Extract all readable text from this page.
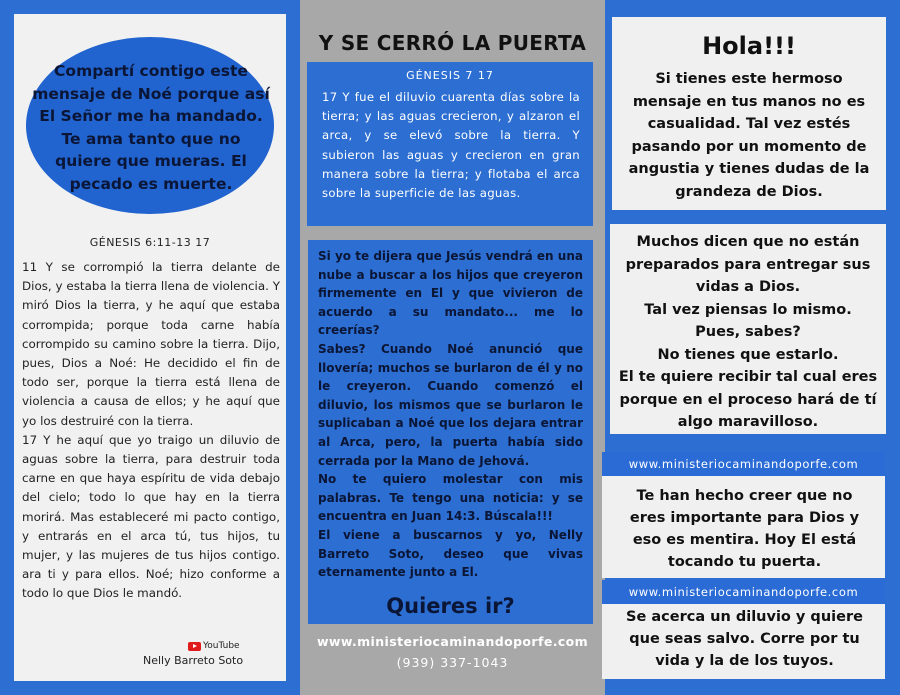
Compartí contigo este
mensaje de Noé porque así
El Señor me ha mandado.
Te ama tanto que no
quiere que mueras. El
pecado es muerte.
GÉNESIS 6:11-13 17

11 Y se corrompió la tierra delante de Dios, y estaba la tierra llena de violencia. Y miró Dios la tierra, y he aquí que estaba corrompida; porque toda carne había corrompido su camino sobre la tierra. Dijo, pues, Dios a Noé: He decidido el fin de todo ser, porque la tierra está llena de violencia a causa de ellos; y he aquí que yo los destruiré con la tierra.

17 Y he aquí que yo traigo un diluvio de aguas sobre la tierra, para destruir toda carne en que haya espíritu de vida debajo del cielo; todo lo que hay en la tierra morirá. Mas estableceré mi pacto contigo, y entrarás en el arca tú, tus hijos, tu mujer, y las mujeres de tus hijos contigo. ara ti y para ellos. Noé; hizo conforme a todo lo que Dios le mandó.

YouTube
Nelly Barreto Soto
Y SE CERRÓ LA PUERTA
GÉNESIS 7 17
17 Y fue el diluvio cuarenta días sobre la tierra; y las aguas crecieron, y alzaron el arca, y se elevó sobre la tierra. Y subieron las aguas y crecieron en gran manera sobre la tierra; y flotaba el arca sobre la superficie de las aguas.

Si yo te dijera que Jesús vendrá en una nube a buscar a los hijos que creyeron firmemente en El y que vivieron de acuerdo a su mandato... me lo creerías?

Sabes? Cuando Noé anunció que llovería; muchos se burlaron de él y no le creyeron. Cuando comenzó el diluvio, los mismos que se burlaron le suplicaban a Noé que los dejara entrar al Arca, pero, la puerta había sido cerrada por la Mano de Jehová.

No te quiero molestar con mis palabras. Te tengo una noticia: y se encuentra en Juan 14:3. Búscala!!!

El viene a buscarnos y yo, Nelly Barreto Soto, deseo que vivas eternamente junto a El.

Quieres ir?
www.ministeriocaminandoporfe.com
(939) 337-1043
Hola!!!
Si tienes este hermoso
mensaje en tus manos no es
casualidad. Tal vez estés
pasando por un momento de
angustia y tienes dudas de la
grandeza de Dios.
Muchos dicen que no están
preparados para entregar sus
vidas a Dios.
Tal vez piensas lo mismo.
Pues, sabes?
No tienes que estarlo.
El te quiere recibir tal cual eres
porque en el proceso hará de tí
algo maravilloso.
www.ministeriocaminandoporfe.com
Te han hecho creer que no
eres importante para Dios y
eso es mentira. Hoy El está
tocando tu puerta.
www.ministeriocaminandoporfe.com
Se acerca un diluvio y quiere
que seas salvo. Corre por tu
vida y la de los tuyos.
